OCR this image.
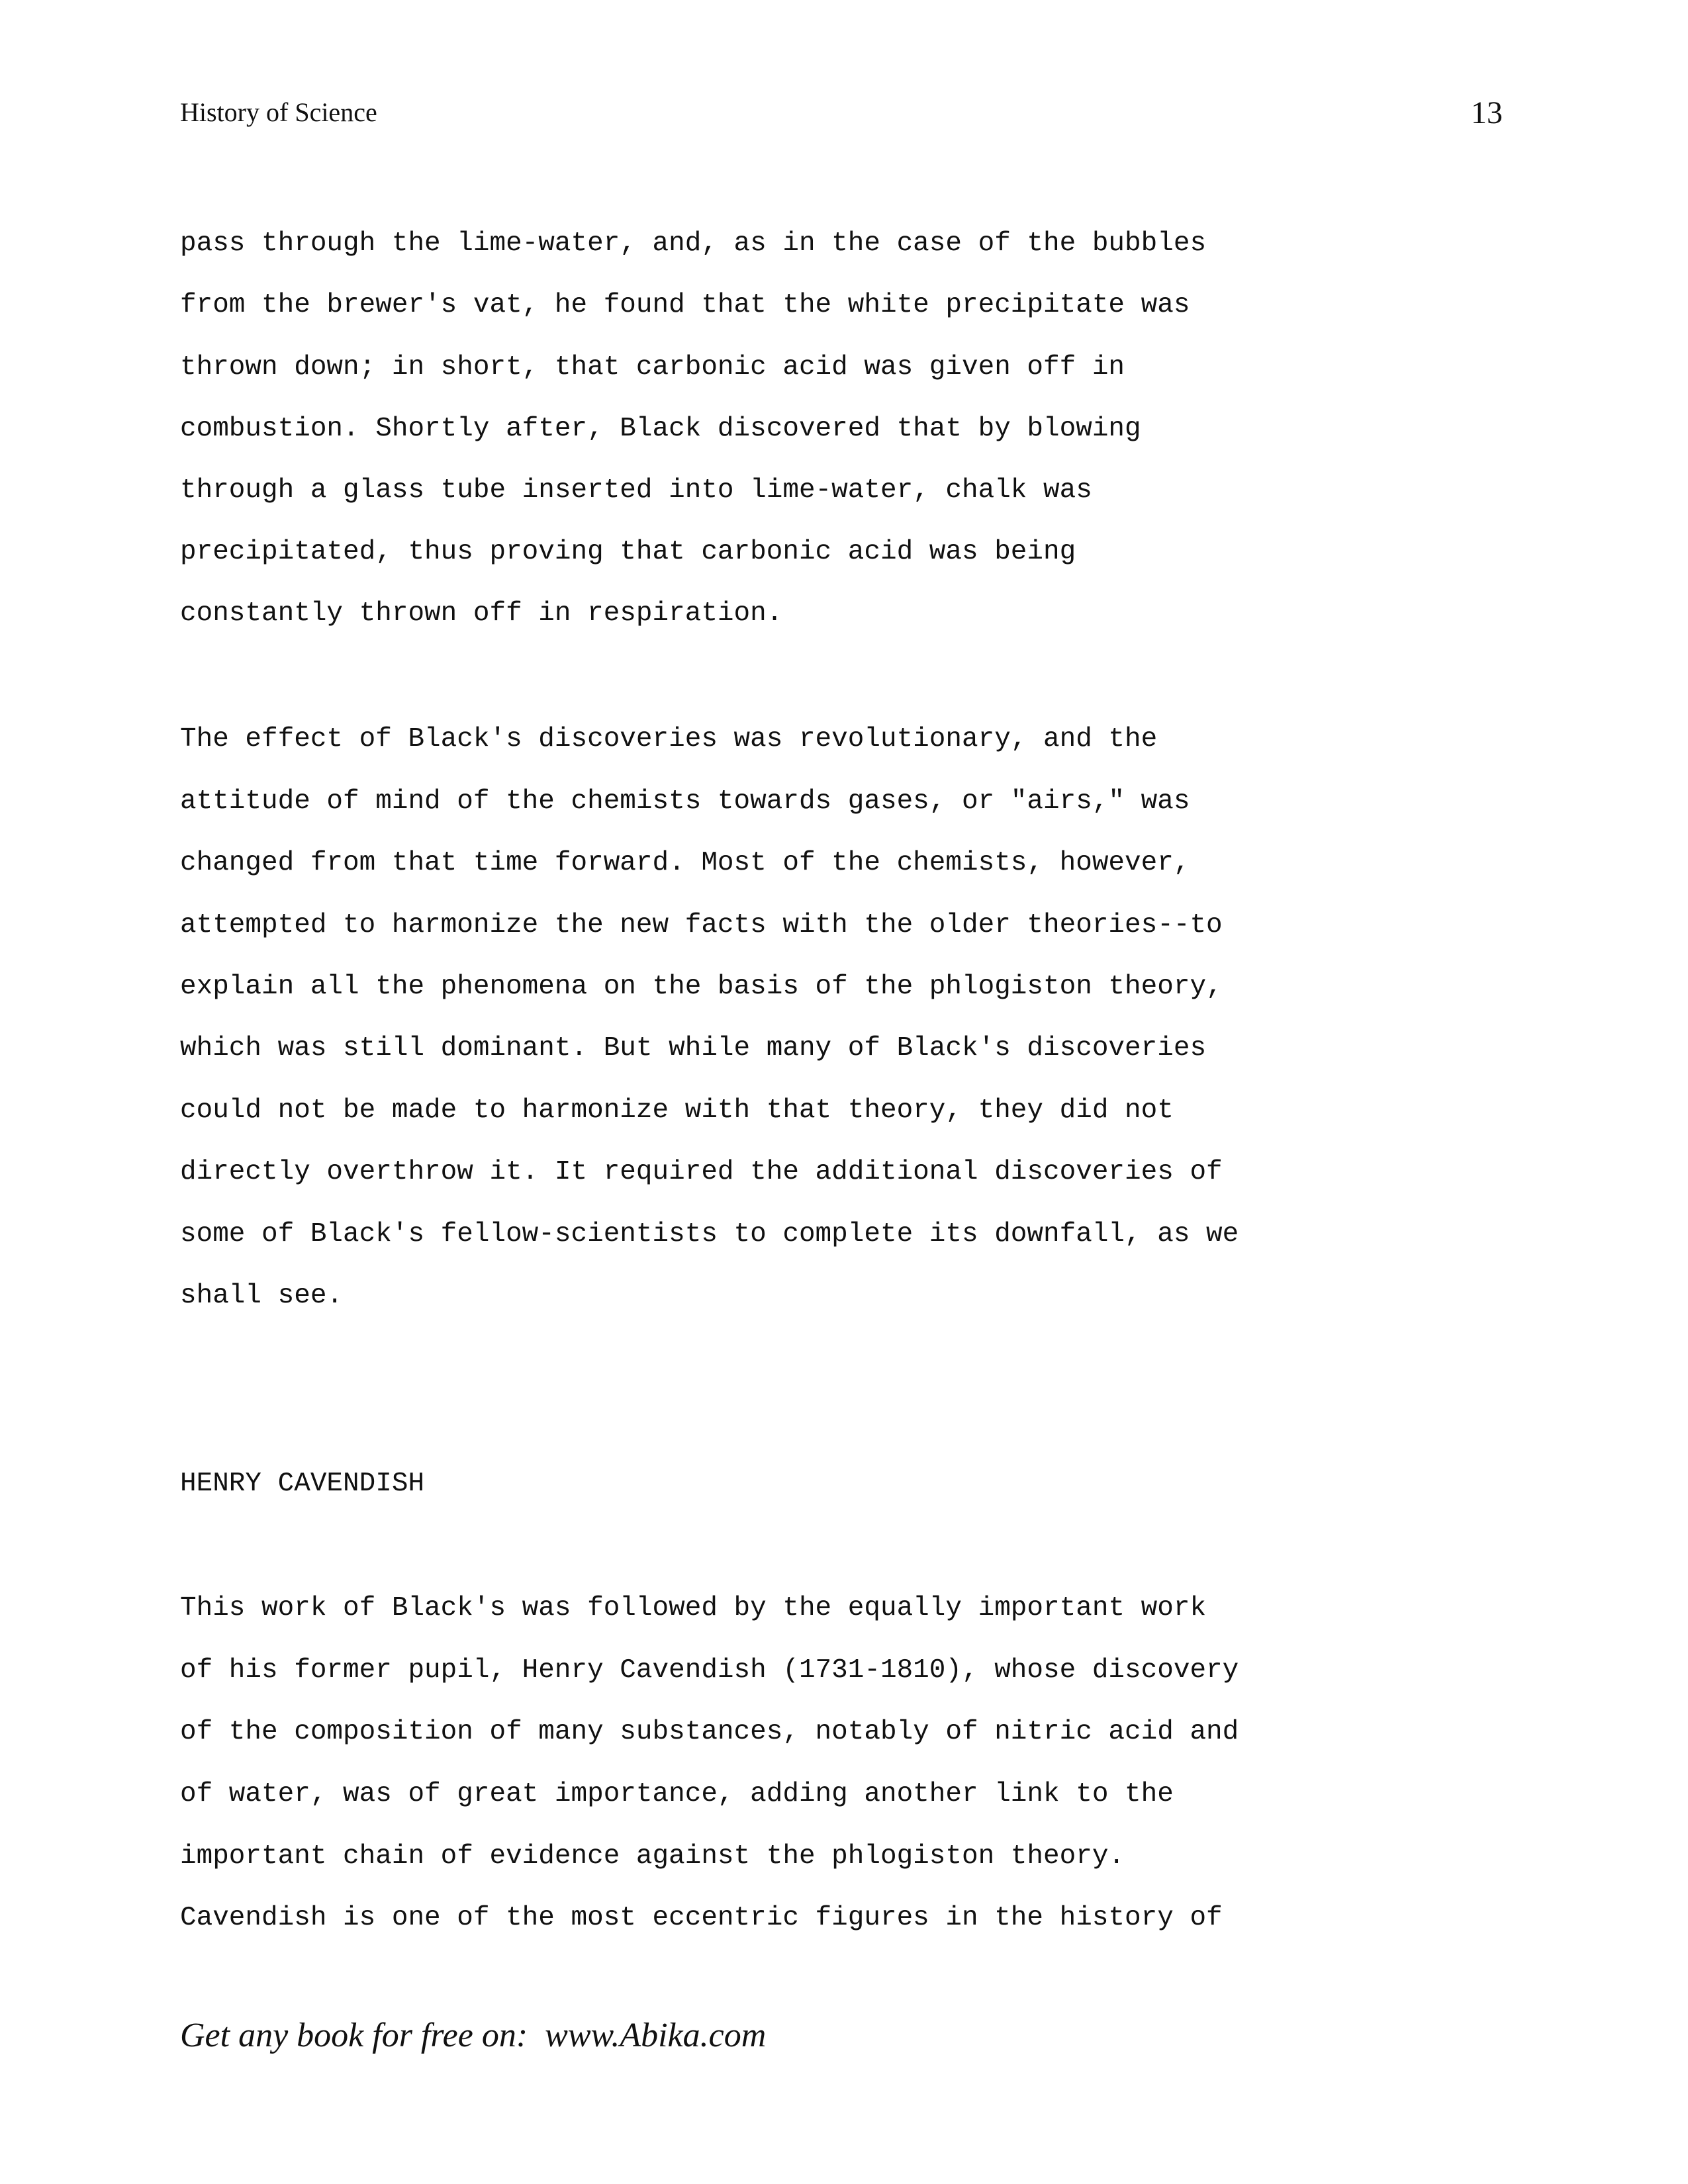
History of Science	13
pass through the lime-water, and, as in the case of the bubbles
from the brewer's vat, he found that the white precipitate was
thrown down; in short, that carbonic acid was given off in
combustion. Shortly after, Black discovered that by blowing
through a glass tube inserted into lime-water, chalk was
precipitated, thus proving that carbonic acid was being
constantly thrown off in respiration.
The effect of Black's discoveries was revolutionary, and the
attitude of mind of the chemists towards gases, or "airs," was
changed from that time forward. Most of the chemists, however,
attempted to harmonize the new facts with the older theories--to
explain all the phenomena on the basis of the phlogiston theory,
which was still dominant. But while many of Black's discoveries
could not be made to harmonize with that theory, they did not
directly overthrow it. It required the additional discoveries of
some of Black's fellow-scientists to complete its downfall, as we
shall see.
HENRY CAVENDISH
This work of Black's was followed by the equally important work
of his former pupil, Henry Cavendish (1731-1810), whose discovery
of the composition of many substances, notably of nitric acid and
of water, was of great importance, adding another link to the
important chain of evidence against the phlogiston theory.
Cavendish is one of the most eccentric figures in the history of
Get any book for free on:  www.Abika.com
